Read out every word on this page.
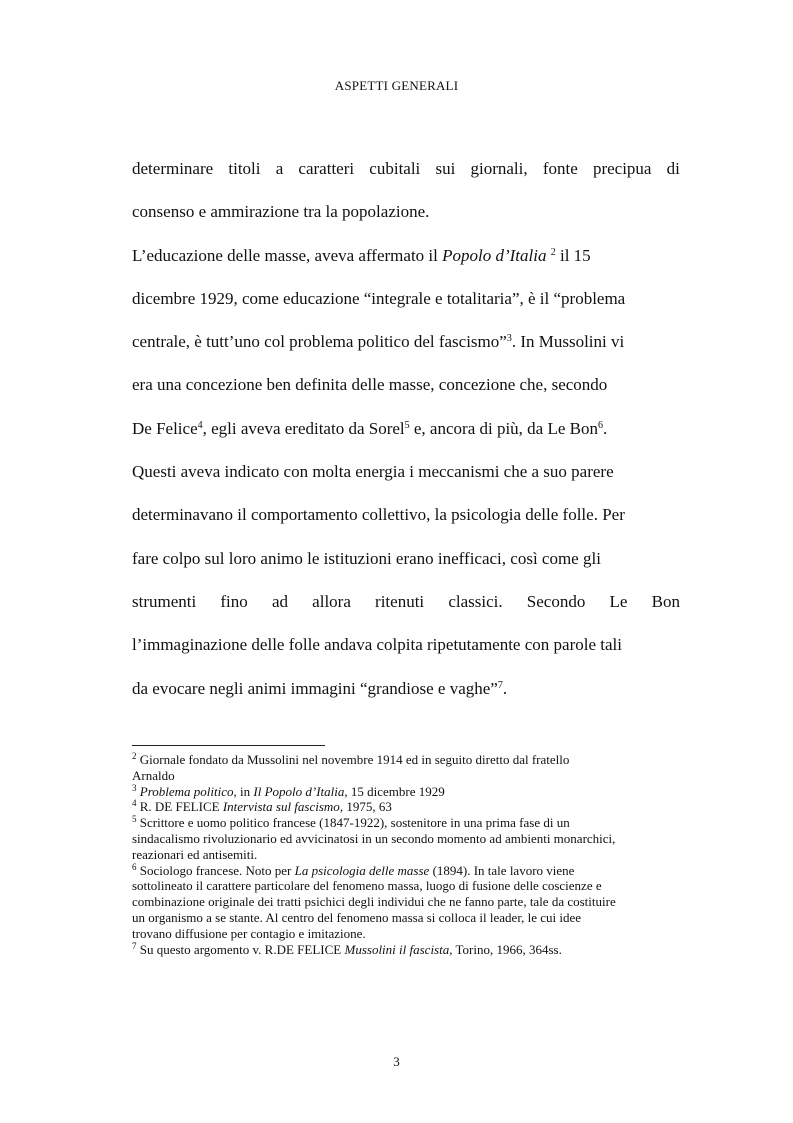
ASPETTI GENERALI
determinare titoli a caratteri cubitali sui giornali, fonte precipua di
consenso e ammirazione tra la popolazione.
L’educazione delle masse, aveva affermato il Popolo d’Italia $^2$ il 15
dicembre 1929, come educazione “integrale e totalitaria”, è il “problema
centrale, è tutt’uno col problema politico del fascismo”$^3$. In Mussolini vi
era una concezione ben definita delle masse, concezione che, secondo
De Felice$^4$, egli aveva ereditato da Sorel$^5$ e, ancora di più, da Le Bon$^6$.
Questi aveva indicato con molta energia i meccanismi che a suo parere
determinavano il comportamento collettivo, la psicologia delle folle. Per
fare colpo sul loro animo le istituzioni erano inefficaci, così come gli
strumenti fino ad allora ritenuti classici. Secondo Le Bon
l’immaginazione delle folle andava colpita ripetutamente con parole tali
da evocare negli animi immagini “grandiose e vaghe”$^7$.
$^2$ Giornale fondato da Mussolini nel novembre 1914 ed in seguito diretto dal fratello
Arnaldo
$^3$ Problema politico, in Il Popolo d’Italia, 15 dicembre 1929
$^4$ R. DE FELICE Intervista sul fascismo, 1975, 63
$^5$ Scrittore e uomo politico francese (1847-1922), sostenitore in una prima fase di un
sindacalismo rivoluzionario ed avvicinatosi in un secondo momento ad ambienti monarchici,
reazionari ed antisemiti.
$^6$ Sociologo francese. Noto per La psicologia delle masse (1894). In tale lavoro viene
sottolineato il carattere particolare del fenomeno massa, luogo di fusione delle coscienze e
combinazione originale dei tratti psichici degli individui che ne fanno parte, tale da costituire
un organismo a se stante. Al centro del fenomeno massa si colloca il leader, le cui idee
trovano diffusione per contagio e imitazione.
$^7$ Su questo argomento v. R.DE FELICE Mussolini il fascista, Torino, 1966, 364ss.
3
